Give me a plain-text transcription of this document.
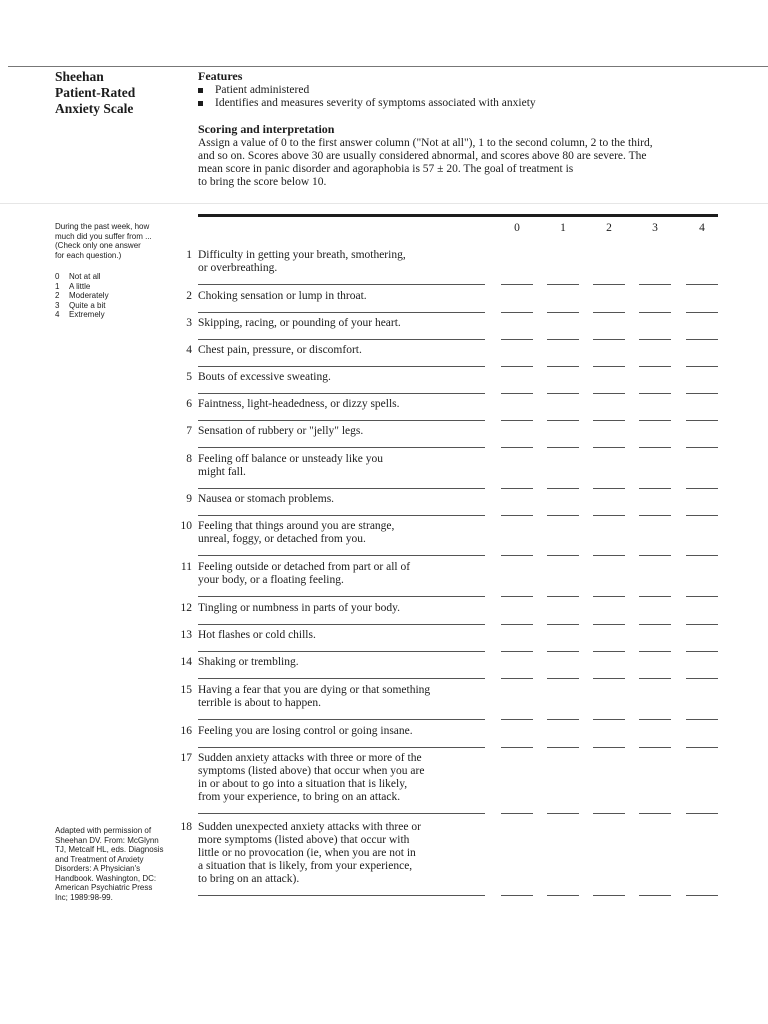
Sheehan
Patient-Rated
Anxiety Scale
Features
Patient administered
Identifies and measures severity of symptoms associated with anxiety
Scoring and interpretation
Assign a value of 0 to the first answer column ("Not at all"), 1 to the second column, 2 to the third,
and so on. Scores above 30 are usually considered abnormal, and scores above 80 are severe. The
mean score in panic disorder and agoraphobia is 57 ± 20. The goal of treatment is
to bring the score below 10.
During the past week, how
much did you suffer from ...
(Check only one answer
for each question.)
0 Not at all
1 A little
2 Moderately
3 Quite a bit
4 Extremely
Adapted with permission of
Sheehan DV. From: McGlynn
TJ, Metcalf HL, eds. Diagnosis
and Treatment of Anxiety
Disorders: A Physician's
Handbook. Washington, DC:
American Psychiatric Press
Inc; 1989:98-99.
0	1	2	3	4
1 Difficulty in getting your breath, smothering,
or overbreathing.
2 Choking sensation or lump in throat.
3 Skipping, racing, or pounding of your heart.
4 Chest pain, pressure, or discomfort.
5 Bouts of excessive sweating.
6 Faintness, light-headedness, or dizzy spells.
7 Sensation of rubbery or "jelly" legs.
8 Feeling off balance or unsteady like you
might fall.
9 Nausea or stomach problems.
10 Feeling that things around you are strange,
unreal, foggy, or detached from you.
11 Feeling outside or detached from part or all of
your body, or a floating feeling.
12 Tingling or numbness in parts of your body.
13 Hot flashes or cold chills.
14 Shaking or trembling.
15 Having a fear that you are dying or that something
terrible is about to happen.
16 Feeling you are losing control or going insane.
17 Sudden anxiety attacks with three or more of the
symptoms (listed above) that occur when you are
in or about to go into a situation that is likely,
from your experience, to bring on an attack.
18 Sudden unexpected anxiety attacks with three or
more symptoms (listed above) that occur with
little or no provocation (ie, when you are not in
a situation that is likely, from your experience,
to bring on an attack).
